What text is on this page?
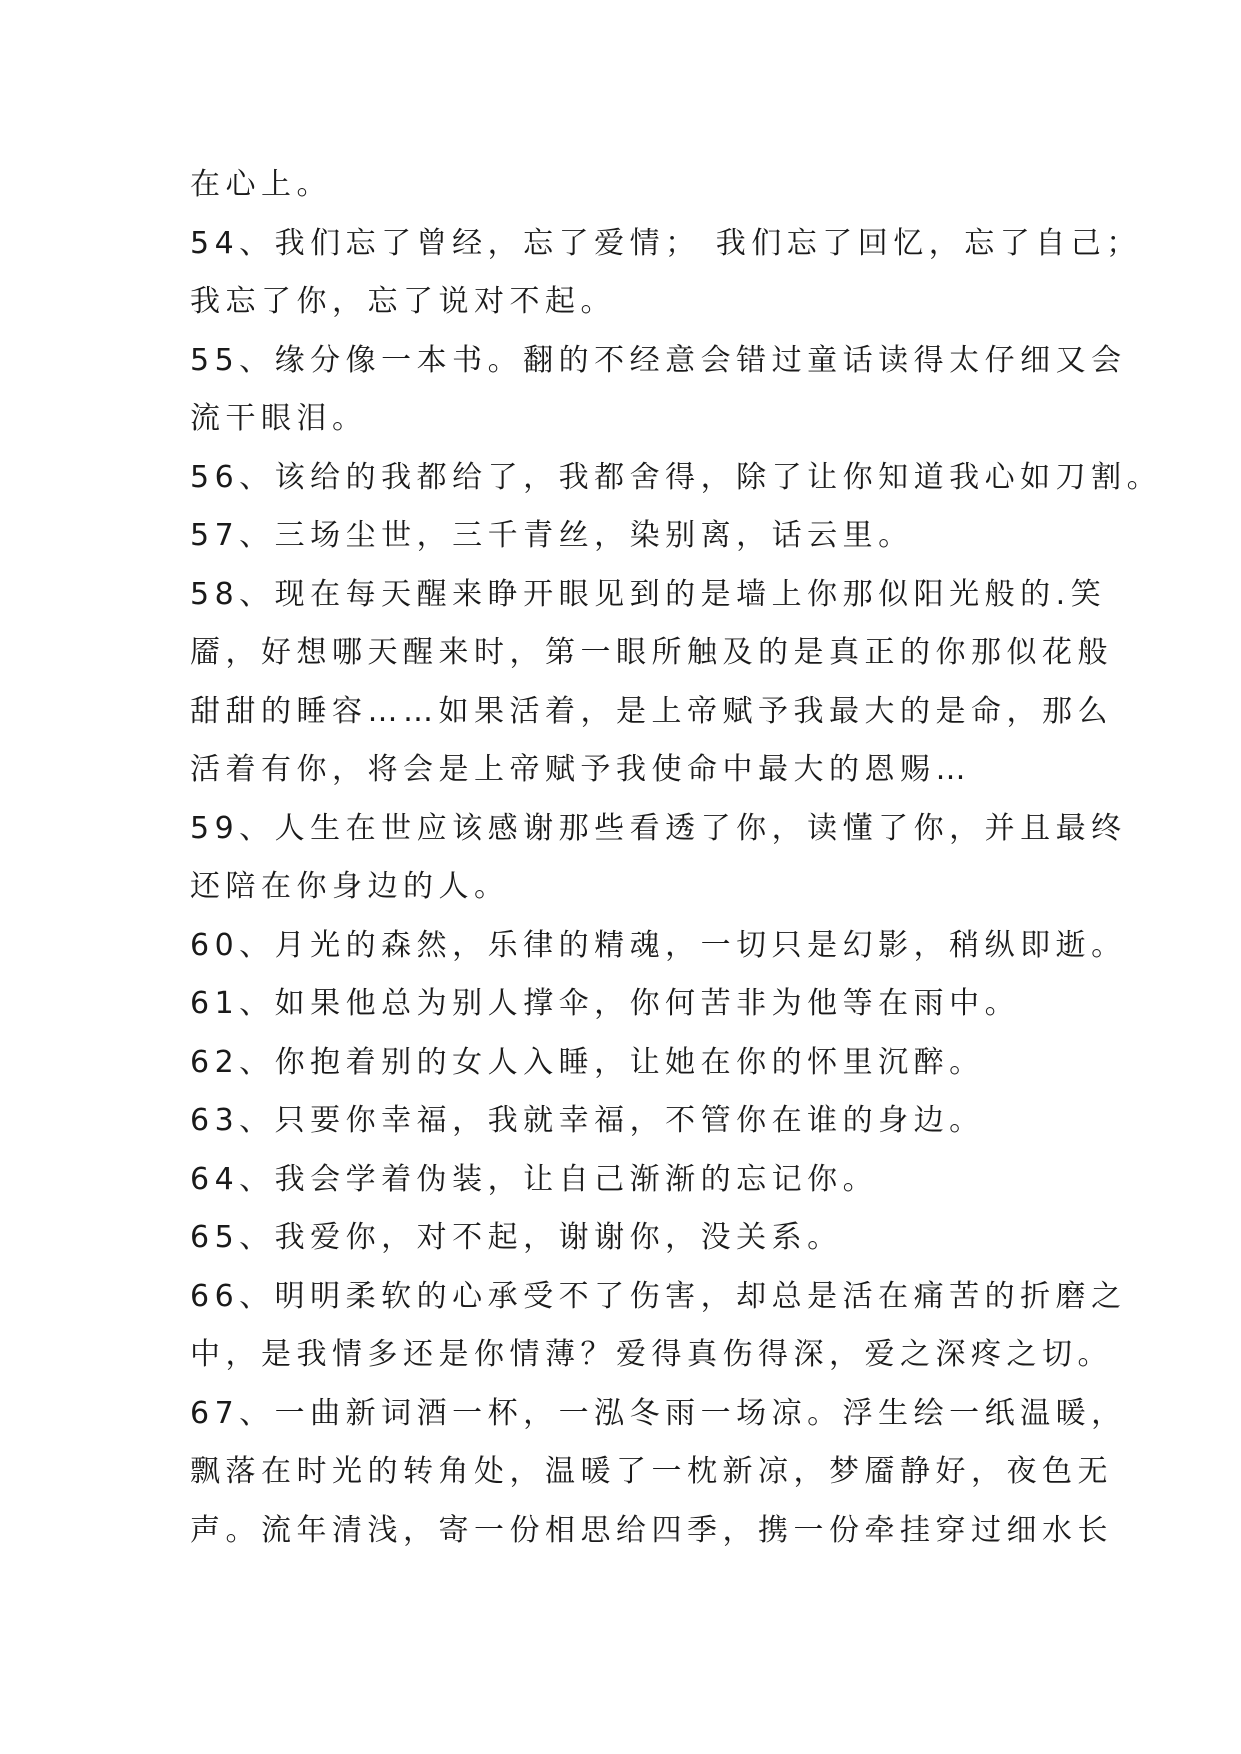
在心上。
54、我们忘了曾经，忘了爱情； 我们忘了回忆，忘了自己；
我忘了你，忘了说对不起。
55、缘分像一本书。翻的不经意会错过童话读得太仔细又会
流干眼泪。
56、该给的我都给了，我都舍得，除了让你知道我心如刀割。
57、三场尘世，三千青丝，染别离，话云里。
58、现在每天醒来睁开眼见到的是墙上你那似阳光般的.笑
靥，好想哪天醒来时，第一眼所触及的是真正的你那似花般
甜甜的睡容……如果活着，是上帝赋予我最大的是命，那么
活着有你，将会是上帝赋予我使命中最大的恩赐…
59、人生在世应该感谢那些看透了你，读懂了你，并且最终
还陪在你身边的人。
60、月光的森然，乐律的精魂，一切只是幻影，稍纵即逝。
61、如果他总为别人撑伞，你何苦非为他等在雨中。
62、你抱着别的女人入睡，让她在你的怀里沉醉。
63、只要你幸福，我就幸福，不管你在谁的身边。
64、我会学着伪装，让自己渐渐的忘记你。
65、我爱你，对不起，谢谢你，没关系。
66、明明柔软的心承受不了伤害，却总是活在痛苦的折磨之
中，是我情多还是你情薄？爱得真伤得深，爱之深疼之切。
67、一曲新词酒一杯，一泓冬雨一场凉。浮生绘一纸温暖，
飘落在时光的转角处，温暖了一枕新凉，梦靥静好，夜色无
声。流年清浅，寄一份相思给四季，携一份牵挂穿过细水长
